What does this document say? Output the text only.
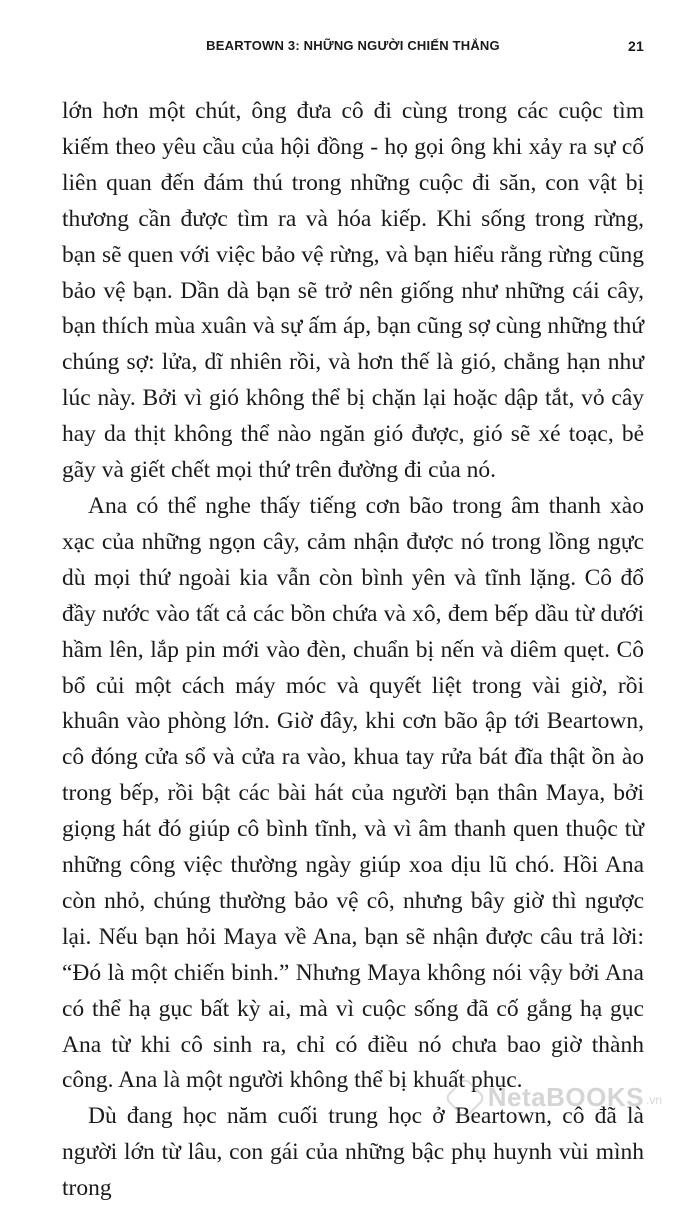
BEARTOWN 3: NHỮNG NGƯỜI CHIẾN THẮNG	21

lớn hơn một chút, ông đưa cô đi cùng trong các cuộc tìm kiếm theo yêu cầu của hội đồng - họ gọi ông khi xảy ra sự cố liên quan đến đám thú trong những cuộc đi săn, con vật bị thương cần được tìm ra và hóa kiếp. Khi sống trong rừng, bạn sẽ quen với việc bảo vệ rừng, và bạn hiểu rằng rừng cũng bảo vệ bạn. Dần dà bạn sẽ trở nên giống như những cái cây, bạn thích mùa xuân và sự ấm áp, bạn cũng sợ cùng những thứ chúng sợ: lửa, dĩ nhiên rồi, và hơn thế là gió, chẳng hạn như lúc này. Bởi vì gió không thể bị chặn lại hoặc dập tắt, vỏ cây hay da thịt không thể nào ngăn gió được, gió sẽ xé toạc, bẻ gãy và giết chết mọi thứ trên đường đi của nó.

Ana có thể nghe thấy tiếng cơn bão trong âm thanh xào xạc của những ngọn cây, cảm nhận được nó trong lồng ngực dù mọi thứ ngoài kia vẫn còn bình yên và tĩnh lặng. Cô đổ đầy nước vào tất cả các bồn chứa và xô, đem bếp dầu từ dưới hầm lên, lắp pin mới vào đèn, chuẩn bị nến và diêm quẹt. Cô bổ củi một cách máy móc và quyết liệt trong vài giờ, rồi khuân vào phòng lớn. Giờ đây, khi cơn bão ập tới Beartown, cô đóng cửa sổ và cửa ra vào, khua tay rửa bát đĩa thật ồn ào trong bếp, rồi bật các bài hát của người bạn thân Maya, bởi giọng hát đó giúp cô bình tĩnh, và vì âm thanh quen thuộc từ những công việc thường ngày giúp xoa dịu lũ chó. Hồi Ana còn nhỏ, chúng thường bảo vệ cô, nhưng bây giờ thì ngược lại. Nếu bạn hỏi Maya về Ana, bạn sẽ nhận được câu trả lời: “Đó là một chiến binh.” Nhưng Maya không nói vậy bởi Ana có thể hạ gục bất kỳ ai, mà vì cuộc sống đã cố gắng hạ gục Ana từ khi cô sinh ra, chỉ có điều nó chưa bao giờ thành công. Ana là một người không thể bị khuất phục.

Dù đang học năm cuối trung học ở Beartown, cô đã là người lớn từ lâu, con gái của những bậc phụ huynh vùi mình trong

NetaBOOKS .vn
